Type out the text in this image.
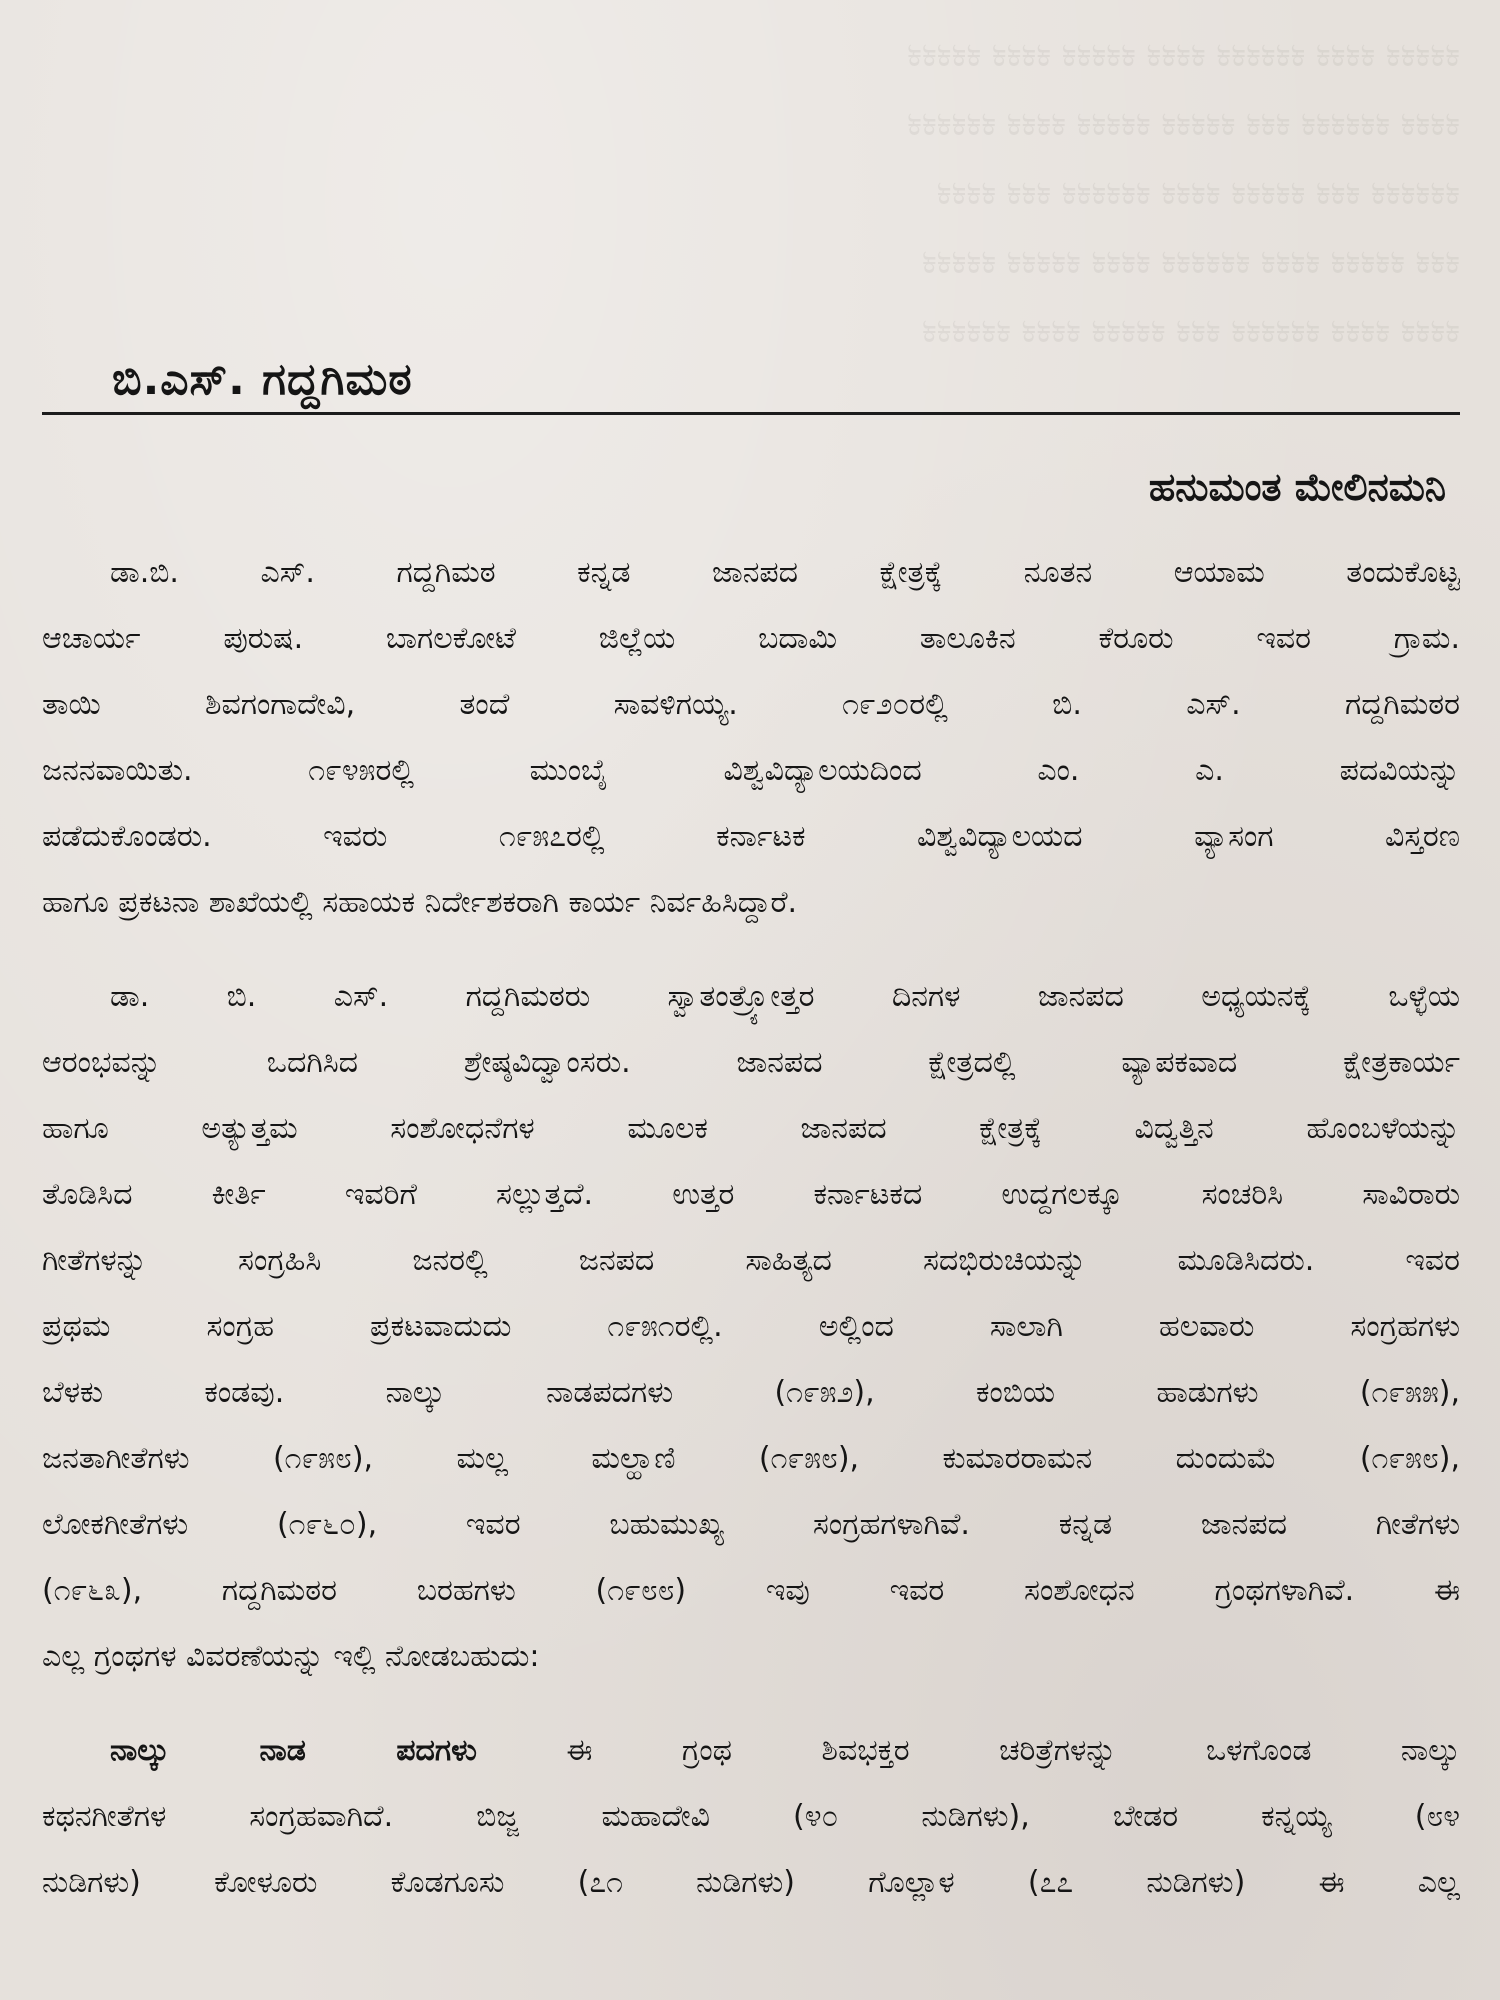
ಕಕಕಕಕ ಕಕಕಕ ಕಕಕಕಕಕ ಕಕಕಕ ಕಕಕಕಕ ಕಕಕಕ ಕಕಕಕಕ
ಕಕಕಕ ಕಕಕಕಕಕ ಕಕಕ ಕಕಕಕಕ ಕಕಕಕಕ ಕಕಕಕ ಕಕಕಕಕಕ
ಕಕಕಕಕಕ ಕಕಕ ಕಕಕಕಕ ಕಕಕಕ ಕಕಕಕಕಕ ಕಕಕ ಕಕಕಕ
ಕಕಕ ಕಕಕಕಕ ಕಕಕಕ ಕಕಕಕಕಕ ಕಕಕಕ ಕಕಕಕಕ ಕಕಕಕಕ
ಕಕಕಕ ಕಕಕಕ ಕಕಕಕಕಕ ಕಕಕ ಕಕಕಕಕ ಕಕಕಕ ಕಕಕಕಕಕ
ಬಿ.ಎಸ್. ಗದ್ದಗಿಮಠ
ಹನುಮಂತ ಮೇಲಿನಮನಿ
ಡಾ.ಬಿ. ಎಸ್. ಗದ್ದಗಿಮಠ ಕನ್ನಡ ಜಾನಪದ ಕ್ಷೇತ್ರಕ್ಕೆ ನೂತನ ಆಯಾಮ ತಂದುಕೊಟ್ಟ
ಆಚಾರ್ಯ ಪುರುಷ. ಬಾಗಲಕೋಟೆ ಜಿಲ್ಲೆಯ ಬದಾಮಿ ತಾಲೂಕಿನ ಕೆರೂರು ಇವರ ಗ್ರಾಮ.
ತಾಯಿ ಶಿವಗಂಗಾದೇವಿ, ತಂದೆ ಸಾವಳಿಗಯ್ಯ. ೧೯೨೦ರಲ್ಲಿ ಬಿ. ಎಸ್. ಗದ್ದಗಿಮಠರ
ಜನನವಾಯಿತು. ೧೯೪೫ರಲ್ಲಿ ಮುಂಬೈ ವಿಶ್ವವಿದ್ಯಾಲಯದಿಂದ ಎಂ. ಎ. ಪದವಿಯನ್ನು
ಪಡೆದುಕೊಂಡರು. ಇವರು ೧೯೫೭ರಲ್ಲಿ ಕರ್ನಾಟಕ ವಿಶ್ವವಿದ್ಯಾಲಯದ ವ್ಯಾಸಂಗ ವಿಸ್ತರಣ
ಹಾಗೂ ಪ್ರಕಟನಾ ಶಾಖೆಯಲ್ಲಿ ಸಹಾಯಕ ನಿರ್ದೇಶಕರಾಗಿ ಕಾರ್ಯ ನಿರ್ವಹಿಸಿದ್ದಾರೆ.
ಡಾ. ಬಿ. ಎಸ್. ಗದ್ದಗಿಮಠರು ಸ್ವಾತಂತ್ರ್ಯೋತ್ತರ ದಿನಗಳ ಜಾನಪದ ಅಧ್ಯಯನಕ್ಕೆ ಒಳ್ಳೆಯ
ಆರಂಭವನ್ನು ಒದಗಿಸಿದ ಶ್ರೇಷ್ಠವಿದ್ವಾಂಸರು. ಜಾನಪದ ಕ್ಷೇತ್ರದಲ್ಲಿ ವ್ಯಾಪಕವಾದ ಕ್ಷೇತ್ರಕಾರ್ಯ
ಹಾಗೂ ಅತ್ಯುತ್ತಮ ಸಂಶೋಧನೆಗಳ ಮೂಲಕ ಜಾನಪದ ಕ್ಷೇತ್ರಕ್ಕೆ ವಿದ್ವತ್ತಿನ ಹೊಂಬಳೆಯನ್ನು
ತೊಡಿಸಿದ ಕೀರ್ತಿ ಇವರಿಗೆ ಸಲ್ಲುತ್ತದೆ. ಉತ್ತರ ಕರ್ನಾಟಕದ ಉದ್ದಗಲಕ್ಕೂ ಸಂಚರಿಸಿ ಸಾವಿರಾರು
ಗೀತೆಗಳನ್ನು ಸಂಗ್ರಹಿಸಿ ಜನರಲ್ಲಿ ಜನಪದ ಸಾಹಿತ್ಯದ ಸದಭಿರುಚಿಯನ್ನು ಮೂಡಿಸಿದರು. ಇವರ
ಪ್ರಥಮ ಸಂಗ್ರಹ ಪ್ರಕಟವಾದುದು ೧೯೫೧ರಲ್ಲಿ. ಅಲ್ಲಿಂದ ಸಾಲಾಗಿ ಹಲವಾರು ಸಂಗ್ರಹಗಳು
ಬೆಳಕು ಕಂಡವು. ನಾಲ್ಕು ನಾಡಪದಗಳು (೧೯೫೨), ಕಂಬಿಯ ಹಾಡುಗಳು (೧೯೫೫),
ಜನತಾಗೀತೆಗಳು (೧೯೫೮), ಮಲ್ಲ ಮಲ್ಹಾಣಿ (೧೯೫೮), ಕುಮಾರರಾಮನ ದುಂದುಮೆ (೧೯೫೮),
ಲೋಕಗೀತೆಗಳು (೧೯೬೦), ಇವರ ಬಹುಮುಖ್ಯ ಸಂಗ್ರಹಗಳಾಗಿವೆ. ಕನ್ನಡ ಜಾನಪದ ಗೀತೆಗಳು
(೧೯೬೩), ಗದ್ದಗಿಮಠರ ಬರಹಗಳು (೧೯೮೮) ಇವು ಇವರ ಸಂಶೋಧನ ಗ್ರಂಥಗಳಾಗಿವೆ. ಈ
ಎಲ್ಲ ಗ್ರಂಥಗಳ ವಿವರಣೆಯನ್ನು ಇಲ್ಲಿ ನೋಡಬಹುದು:
ನಾಲ್ಕು ನಾಡ ಪದಗಳು ಈ ಗ್ರಂಥ ಶಿವಭಕ್ತರ ಚರಿತ್ರೆಗಳನ್ನು ಒಳಗೊಂಡ ನಾಲ್ಕು
ಕಥನಗೀತೆಗಳ ಸಂಗ್ರಹವಾಗಿದೆ. ಬಿಜ್ಜ ಮಹಾದೇವಿ (೪೦ ನುಡಿಗಳು), ಬೇಡರ ಕನ್ನಯ್ಯ (೮೪
ನುಡಿಗಳು) ಕೋಳೂರು ಕೊಡಗೂಸು (೭೧ ನುಡಿಗಳು) ಗೊಲ್ಲಾಳ (೭೭ ನುಡಿಗಳು) ಈ ಎಲ್ಲ
